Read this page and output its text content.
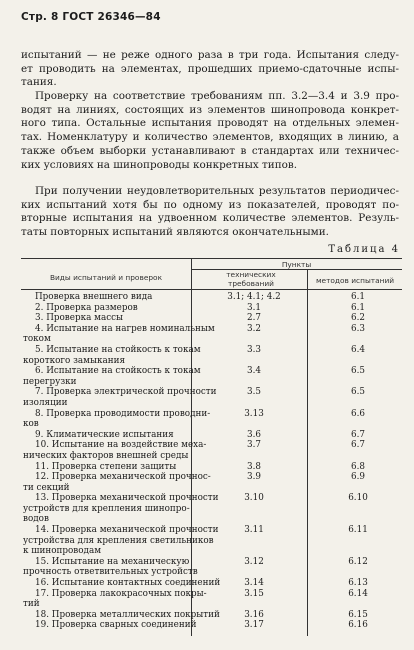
Стр. 8 ГОСТ 26346—84
испытаний — не реже одного раза в три года. Испытания следу-
ет проводить на элементах, прошедших приемо-сдаточные испы-
тания.
Проверку на соответствие требованиям пп. 3.2—3.4 и 3.9 про-
водят на линиях, состоящих из элементов шинопровода конкрет-
ного типа. Остальные испытания проводят на отдельных элемен-
тах. Номенклатуру и количество элементов, входящих в линию, а
также объем выборки устанавливают в стандартах или техничес-
ких условиях на шинопроводы конкретных типов.
При получении неудовлетворительных результатов периодичес-
ких испытаний хотя бы по одному из показателей, проводят по-
вторные испытания на удвоенном количестве элементов. Резуль-
таты повторных испытаний являются окончательными.
Таблица 4
Виды испытаний и проверок
Пункты
технических требований	методов испытаний
Проверка внешнего вида	3.1; 4.1; 4.2	6.1
2. Проверка размеров	3.1	6.1
3. Проверка массы	2.7	6.2
4. Испытание на нагрев номинальным
током
3.2	6.3
5. Испытание на стойкость к токам
короткого замыкания
3.3	6.4
6. Испытание на стойкость к токам
перегрузки
3.4	6.5
7. Проверка электрической прочности
изоляции
3.5	6.5
8. Проверка проводимости проводни-
ков
3.13	6.6
9. Климатические испытания	3.6	6.7
10. Испытание на воздействие меха-
нических факторов внешней среды
3.7	6.7
11. Проверка степени защиты	3.8	6.8
12. Проверка механической прочнос-
ти секций
3.9	6.9
13. Проверка механической прочности
устройств для крепления шинопро-
водов
3.10	6.10
14. Проверка механической прочности
устройства для крепления светильников
к шинопроводам
3.11	6.11
15. Испытание на механическую
прочность ответвительных устройств
3.12	6.12
16. Испытание контактных соединений	3.14	6.13
17. Проверка лакокрасочных покры-
тий
3.15	6.14
18. Проверка металлических покрытий	3.16	6.15
19. Проверка сварных соединений	3.17	6.16
